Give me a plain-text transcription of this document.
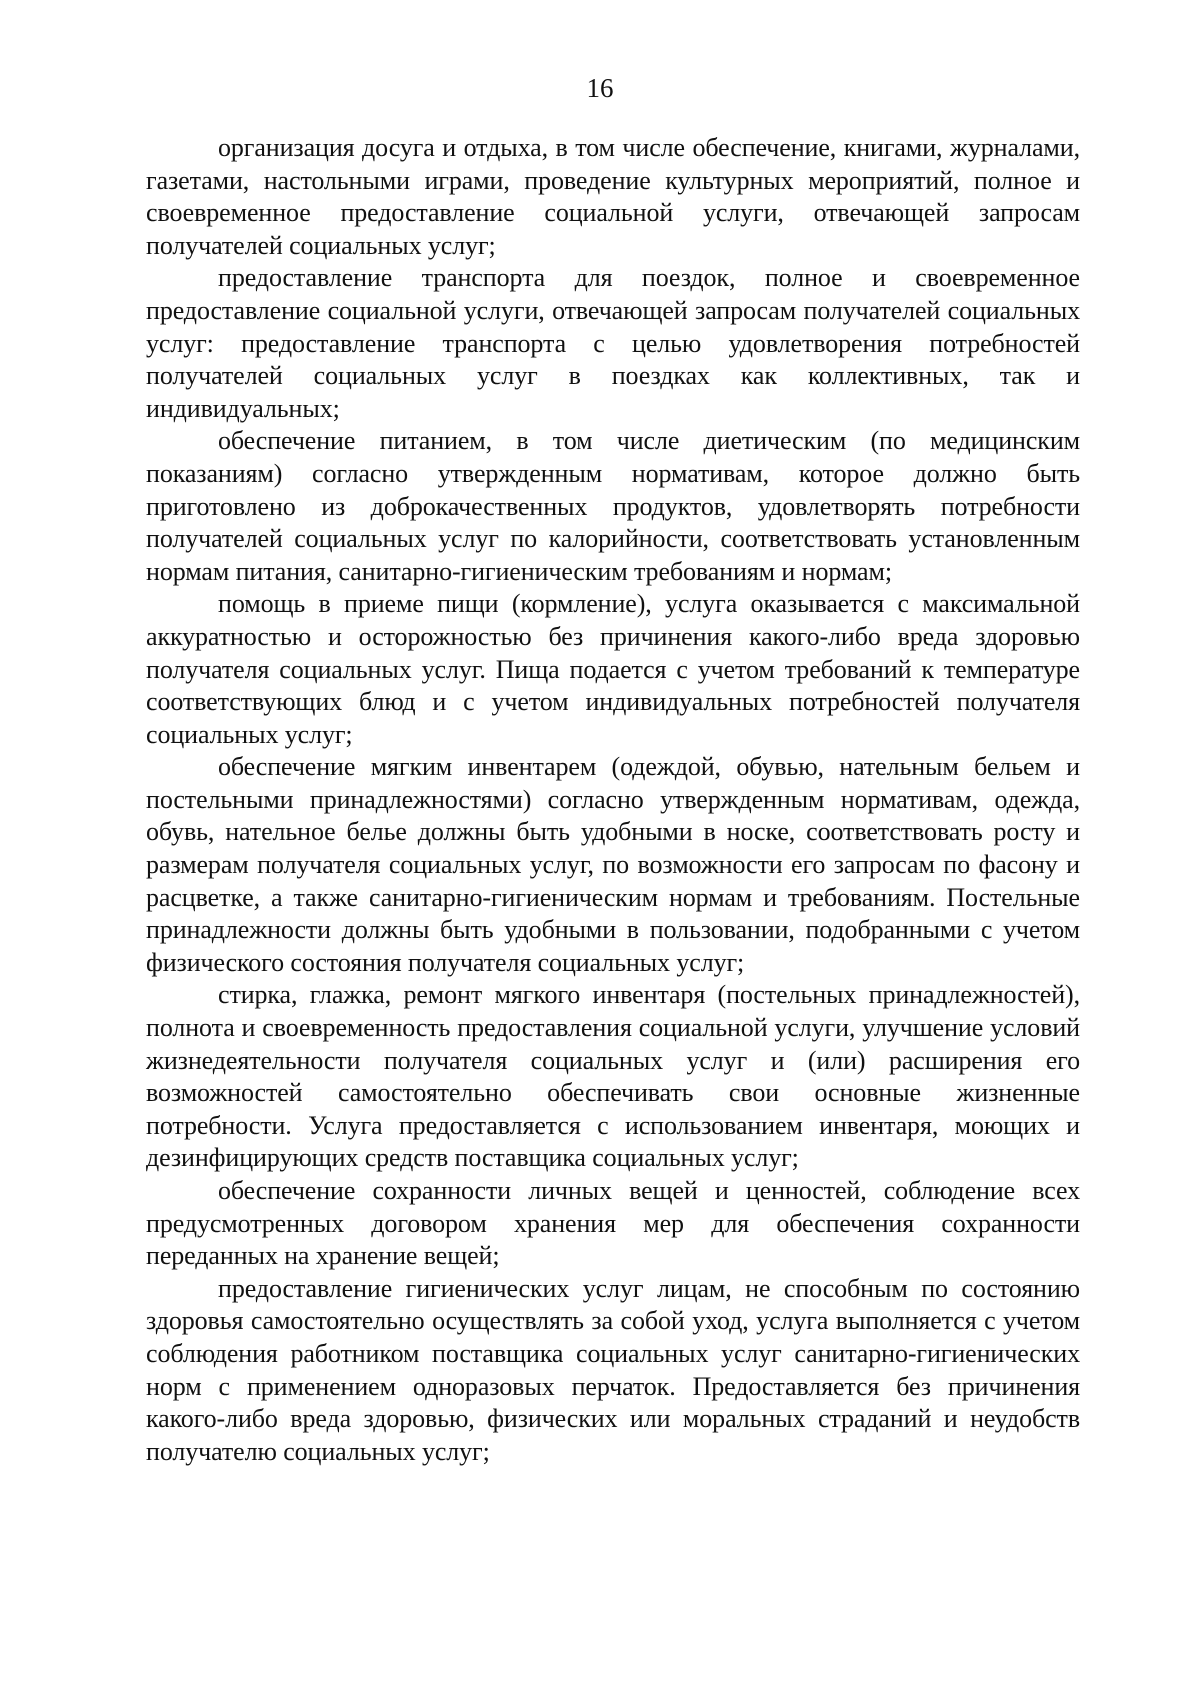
16

организация досуга и отдыха, в том числе обеспечение, книгами, журналами, газетами, настольными играми, проведение культурных мероприятий, полное и своевременное предоставление социальной услуги, отвечающей запросам получателей социальных услуг;

предоставление транспорта для поездок, полное и своевременное предоставление социальной услуги, отвечающей запросам получателей социальных услуг: предоставление транспорта с целью удовлетворения потребностей получателей социальных услуг в поездках как коллективных, так и индивидуальных;

обеспечение питанием, в том числе диетическим (по медицинским показаниям) согласно утвержденным нормативам, которое должно быть приготовлено из доброкачественных продуктов, удовлетворять потребности получателей социальных услуг по калорийности, соответствовать установленным нормам питания, санитарно-гигиеническим требованиям и нормам;

помощь в приеме пищи (кормление), услуга оказывается с максимальной аккуратностью и осторожностью без причинения какого-либо вреда здоровью получателя социальных услуг. Пища подается с учетом требований к температуре соответствующих блюд и с учетом индивидуальных потребностей получателя социальных услуг;

обеспечение мягким инвентарем (одеждой, обувью, нательным бельем и постельными принадлежностями) согласно утвержденным нормативам, одежда, обувь, нательное белье должны быть удобными в носке, соответствовать росту и размерам получателя социальных услуг, по возможности его запросам по фасону и расцветке, а также санитарно-гигиеническим нормам и требованиям. Постельные принадлежности должны быть удобными в пользовании, подобранными с учетом физического состояния получателя социальных услуг;

стирка, глажка, ремонт мягкого инвентаря (постельных принадлежностей), полнота и своевременность предоставления социальной услуги, улучшение условий жизнедеятельности получателя социальных услуг и (или) расширения его возможностей самостоятельно обеспечивать свои основные жизненные потребности. Услуга предоставляется с использованием инвентаря, моющих и дезинфицирующих средств поставщика социальных услуг;

обеспечение сохранности личных вещей и ценностей, соблюдение всех предусмотренных договором хранения мер для обеспечения сохранности переданных на хранение вещей;

предоставление гигиенических услуг лицам, не способным по состоянию здоровья самостоятельно осуществлять за собой уход, услуга выполняется с учетом соблюдения работником поставщика социальных услуг санитарно-гигиенических норм с применением одноразовых перчаток. Предоставляется без причинения какого-либо вреда здоровью, физических или моральных страданий и неудобств получателю социальных услуг;
